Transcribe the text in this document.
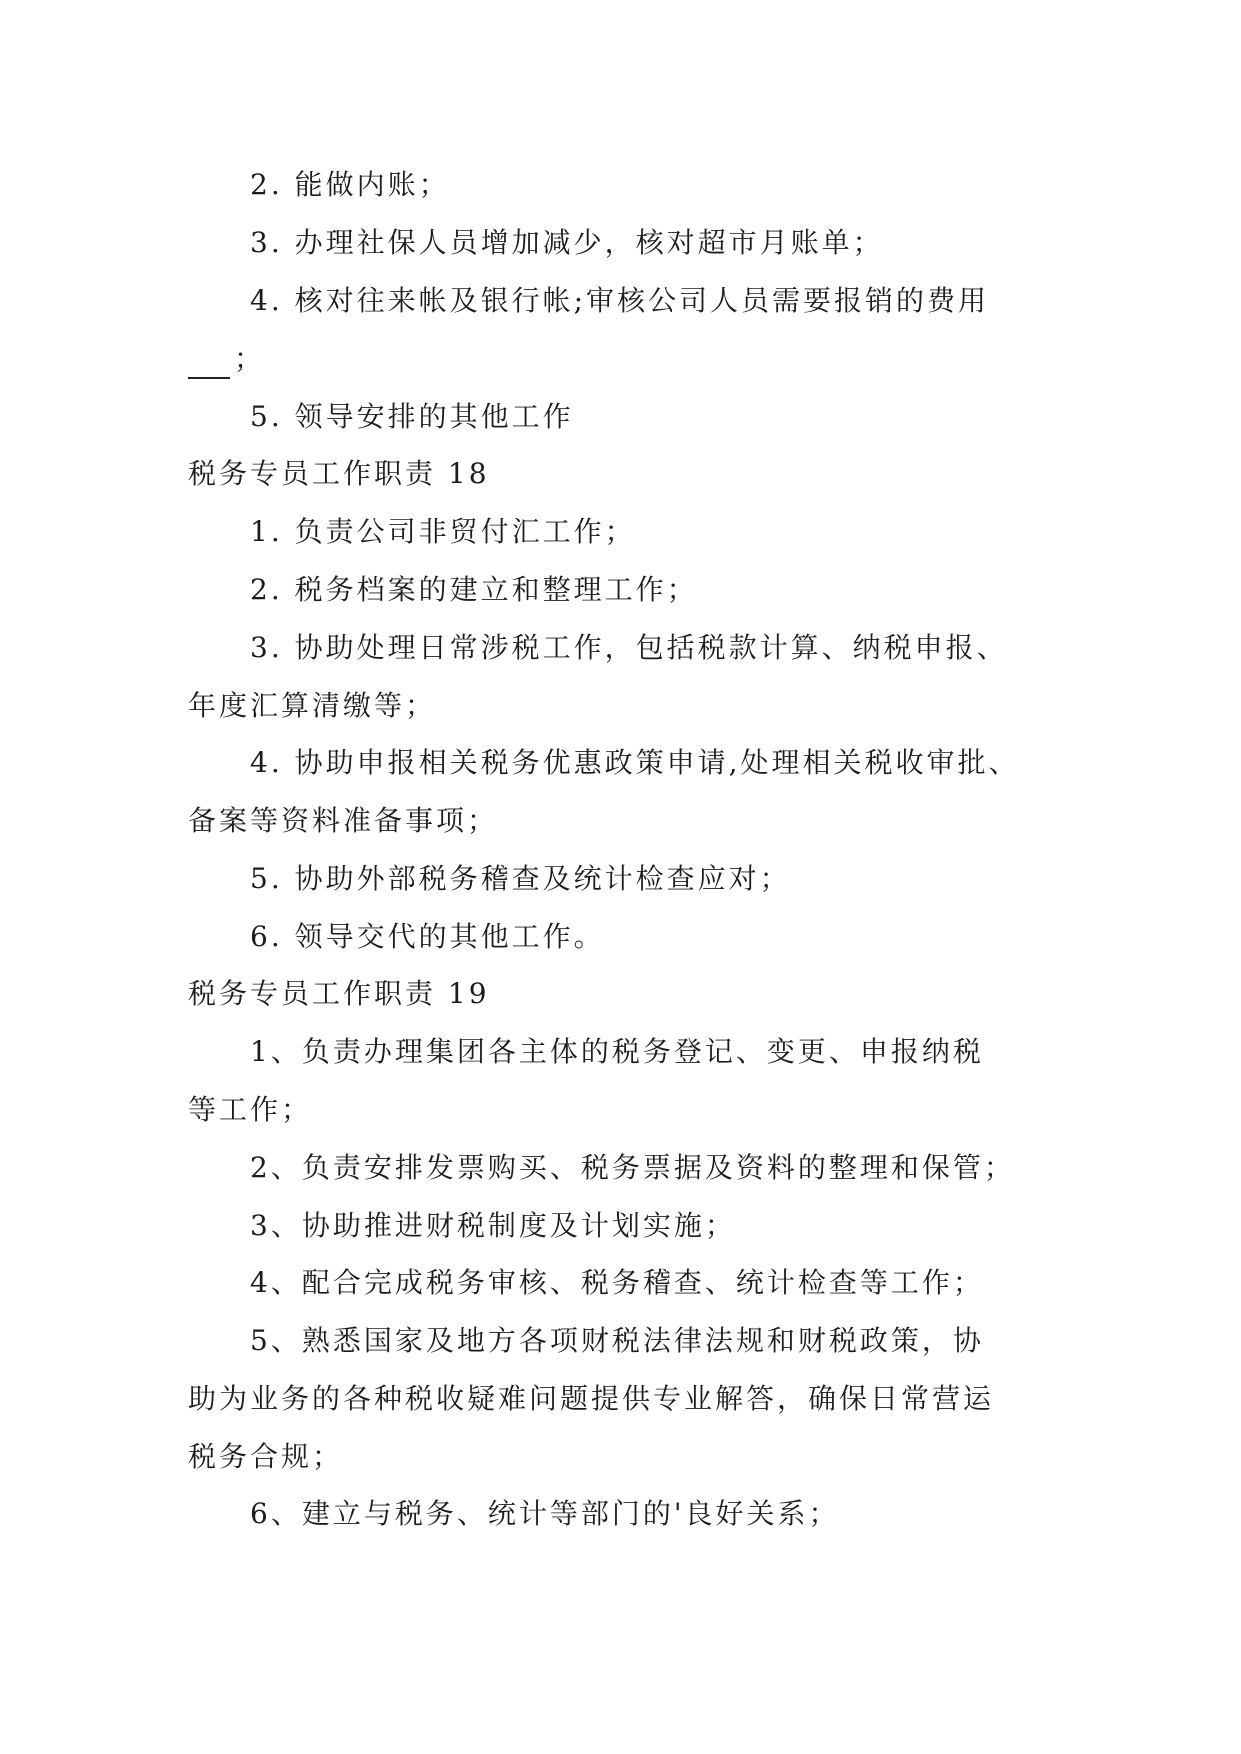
2. 能做内账；
3. 办理社保人员增加减少，核对超市月账单；
4. 核对往来帐及银行帐;审核公司人员需要报销的费用
；
5. 领导安排的其他工作
税务专员工作职责 18
1. 负责公司非贸付汇工作；
2. 税务档案的建立和整理工作；
3. 协助处理日常涉税工作，包括税款计算、纳税申报、
年度汇算清缴等；
4. 协助申报相关税务优惠政策申请,处理相关税收审批、
备案等资料准备事项；
5. 协助外部税务稽查及统计检查应对；
6. 领导交代的其他工作。
税务专员工作职责 19
1、负责办理集团各主体的税务登记、变更、申报纳税
等工作；
2、负责安排发票购买、税务票据及资料的整理和保管；
3、协助推进财税制度及计划实施；
4、配合完成税务审核、税务稽查、统计检查等工作；
5、熟悉国家及地方各项财税法律法规和财税政策，协
助为业务的各种税收疑难问题提供专业解答，确保日常营运
税务合规；
6、建立与税务、统计等部门的'良好关系；
